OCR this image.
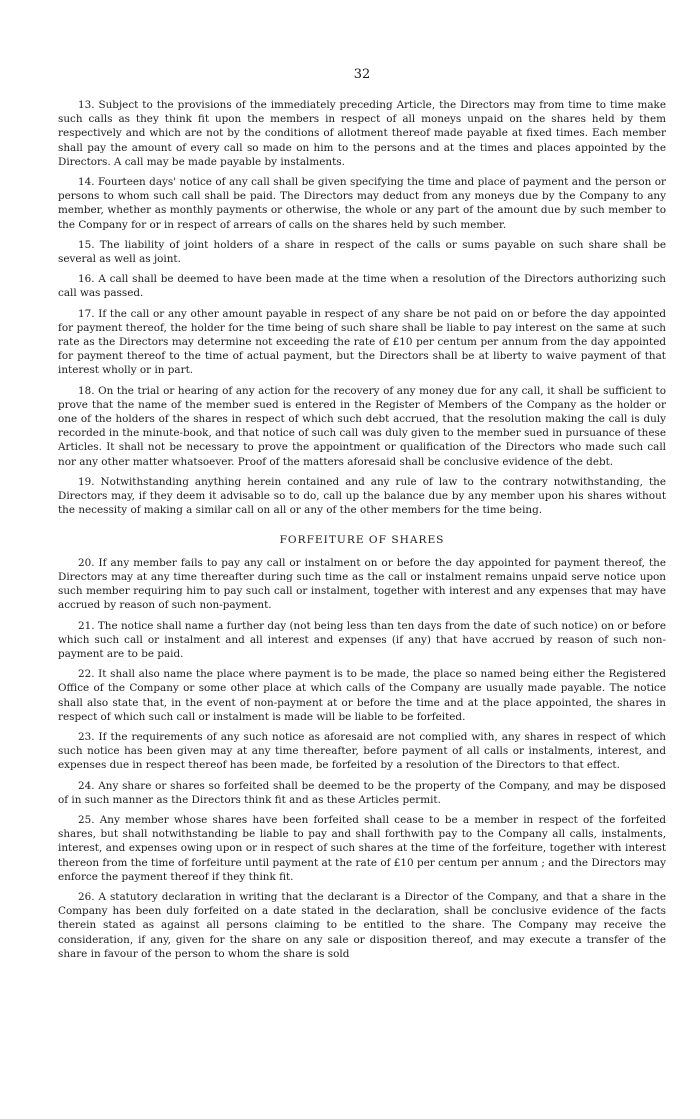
32

13. Subject to the provisions of the immediately preceding Article, the Directors may from time to time make such calls as they think fit upon the members in respect of all moneys unpaid on the shares held by them respectively and which are not by the conditions of allotment thereof made payable at fixed times. Each member shall pay the amount of every call so made on him to the persons and at the times and places appointed by the Directors. A call may be made payable by instalments.

14. Fourteen days' notice of any call shall be given specifying the time and place of payment and the person or persons to whom such call shall be paid. The Directors may deduct from any moneys due by the Company to any member, whether as monthly payments or otherwise, the whole or any part of the amount due by such member to the Company for or in respect of arrears of calls on the shares held by such member.

15. The liability of joint holders of a share in respect of the calls or sums payable on such share shall be several as well as joint.

16. A call shall be deemed to have been made at the time when a resolution of the Directors authorizing such call was passed.

17. If the call or any other amount payable in respect of any share be not paid on or before the day appointed for payment thereof, the holder for the time being of such share shall be liable to pay interest on the same at such rate as the Directors may determine not exceeding the rate of £10 per centum per annum from the day appointed for payment thereof to the time of actual payment, but the Directors shall be at liberty to waive payment of that interest wholly or in part.

18. On the trial or hearing of any action for the recovery of any money due for any call, it shall be sufficient to prove that the name of the member sued is entered in the Register of Members of the Company as the holder or one of the holders of the shares in respect of which such debt accrued, that the resolution making the call is duly recorded in the minute-book, and that notice of such call was duly given to the member sued in pursuance of these Articles. It shall not be necessary to prove the appointment or qualification of the Directors who made such call nor any other matter whatsoever. Proof of the matters aforesaid shall be conclusive evidence of the debt.

19. Notwithstanding anything herein contained and any rule of law to the contrary notwithstanding, the Directors may, if they deem it advisable so to do, call up the balance due by any member upon his shares without the necessity of making a similar call on all or any of the other members for the time being.

FORFEITURE OF SHARES

20. If any member fails to pay any call or instalment on or before the day appointed for payment thereof, the Directors may at any time thereafter during such time as the call or instalment remains unpaid serve notice upon such member requiring him to pay such call or instalment, together with interest and any expenses that may have accrued by reason of such non-payment.

21. The notice shall name a further day (not being less than ten days from the date of such notice) on or before which such call or instalment and all interest and expenses (if any) that have accrued by reason of such non-payment are to be paid.

22. It shall also name the place where payment is to be made, the place so named being either the Registered Office of the Company or some other place at which calls of the Company are usually made payable. The notice shall also state that, in the event of non-payment at or before the time and at the place appointed, the shares in respect of which such call or instalment is made will be liable to be forfeited.

23. If the requirements of any such notice as aforesaid are not complied with, any shares in respect of which such notice has been given may at any time thereafter, before payment of all calls or instalments, interest, and expenses due in respect thereof has been made, be forfeited by a resolution of the Directors to that effect.

24. Any share or shares so forfeited shall be deemed to be the property of the Company, and may be disposed of in such manner as the Directors think fit and as these Articles permit.

25. Any member whose shares have been forfeited shall cease to be a member in respect of the forfeited shares, but shall notwithstanding be liable to pay and shall forthwith pay to the Company all calls, instalments, interest, and expenses owing upon or in respect of such shares at the time of the forfeiture, together with interest thereon from the time of forfeiture until payment at the rate of £10 per centum per annum ; and the Directors may enforce the payment thereof if they think fit.

26. A statutory declaration in writing that the declarant is a Director of the Company, and that a share in the Company has been duly forfeited on a date stated in the declaration, shall be conclusive evidence of the facts therein stated as against all persons claiming to be entitled to the share. The Company may receive the consideration, if any, given for the share on any sale or disposition thereof, and may execute a transfer of the share in favour of the person to whom the share is sold
